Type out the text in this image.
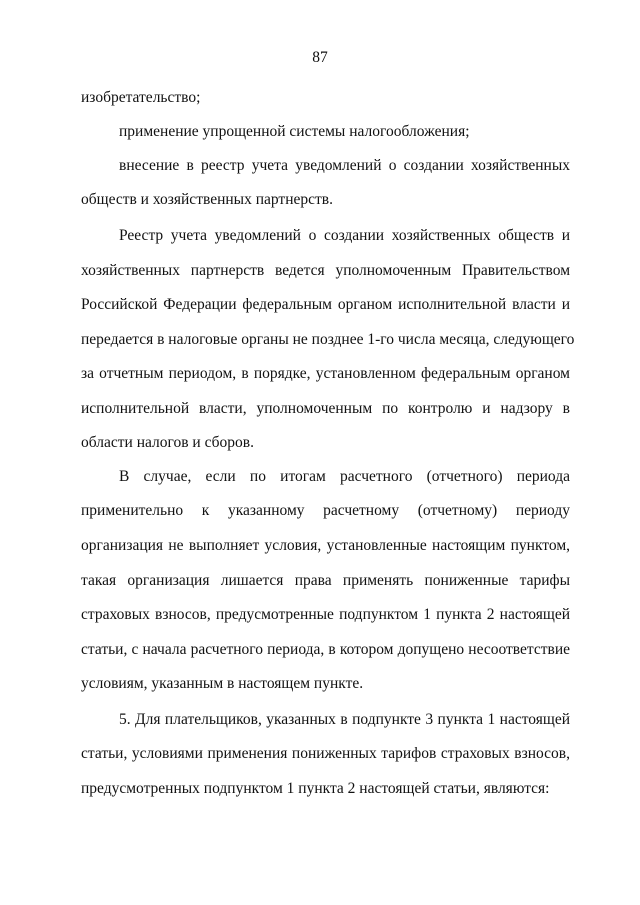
87
изобретательство;
применение упрощенной системы налогообложения;
внесение в реестр учета уведомлений о создании хозяйственных
обществ и хозяйственных партнерств.
Реестр учета уведомлений о создании хозяйственных обществ и
хозяйственных партнерств ведется уполномоченным Правительством
Российской Федерации федеральным органом исполнительной власти и
передается в налоговые органы не позднее 1-го числа месяца, следующего
за отчетным периодом, в порядке, установленном федеральным органом
исполнительной власти, уполномоченным по контролю и надзору в
области налогов и сборов.
В случае, если по итогам расчетного (отчетного) периода
применительно к указанному расчетному (отчетному) периоду
организация не выполняет условия, установленные настоящим пунктом,
такая организация лишается права применять пониженные тарифы
страховых взносов, предусмотренные подпунктом 1 пункта 2 настоящей
статьи, с начала расчетного периода, в котором допущено несоответствие
условиям, указанным в настоящем пункте.
5. Для плательщиков, указанных в подпункте 3 пункта 1 настоящей
статьи, условиями применения пониженных тарифов страховых взносов,
предусмотренных подпунктом 1 пункта 2 настоящей статьи, являются:
